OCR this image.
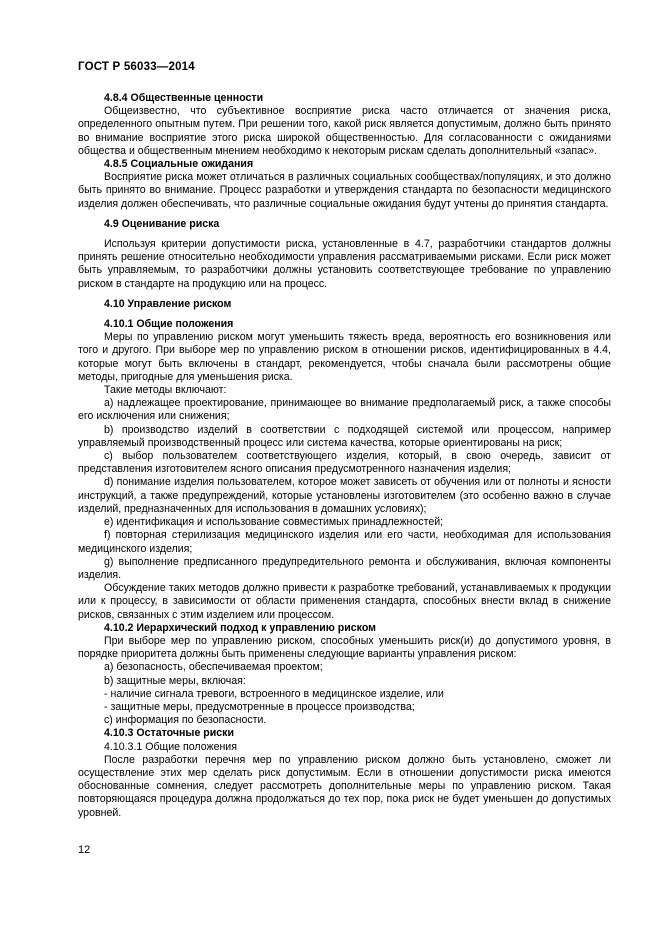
ГОСТ Р 56033—2014

4.8.4 Общественные ценности

Общеизвестно, что субъективное восприятие риска часто отличается от значения риска, определенного опытным путем. При решении того, какой риск является допустимым, должно быть принято во внимание восприятие этого риска широкой общественностью. Для согласованности с ожиданиями общества и общественным мнением необходимо к некоторым рискам сделать дополнительный «запас».

4.8.5 Социальные ожидания

Восприятие риска может отличаться в различных социальных сообществах/популяциях, и это должно быть принято во внимание. Процесс разработки и утверждения стандарта по безопасности медицинского изделия должен обеспечивать, что различные социальные ожидания будут учтены до принятия стандарта.

4.9 Оценивание риска

Используя критерии допустимости риска, установленные в 4.7, разработчики стандартов должны принять решение относительно необходимости управления рассматриваемыми рисками. Если риск может быть управляемым, то разработчики должны установить соответствующее требование по управлению риском в стандарте на продукцию или на процесс.

4.10 Управление риском

4.10.1 Общие положения

Меры по управлению риском могут уменьшить тяжесть вреда, вероятность его возникновения или того и другого. При выборе мер по управлению риском в отношении рисков, идентифицированных в 4.4, которые могут быть включены в стандарт, рекомендуется, чтобы сначала были рассмотрены общие методы, пригодные для уменьшения риска.

Такие методы включают:

a) надлежащее проектирование, принимающее во внимание предполагаемый риск, а также способы его исключения или снижения;

b) производство изделий в соответствии с подходящей системой или процессом, например управляемый производственный процесс или система качества, которые ориентированы на риск;

c) выбор пользователем соответствующего изделия, который, в свою очередь, зависит от представления изготовителем ясного описания предусмотренного назначения изделия;

d) понимание изделия пользователем, которое может зависеть от обучения или от полноты и ясности инструкций, а также предупреждений, которые установлены изготовителем (это особенно важно в случае изделий, предназначенных для использования в домашних условиях);

e) идентификация и использование совместимых принадлежностей;

f) повторная стерилизация медицинского изделия или его части, необходимая для использования медицинского изделия;

g) выполнение предписанного предупредительного ремонта и обслуживания, включая компоненты изделия.

Обсуждение таких методов должно привести к разработке требований, устанавливаемых к продукции или к процессу, в зависимости от области применения стандарта, способных внести вклад в снижение рисков, связанных с этим изделием или процессом.

4.10.2 Иерархический подход к управлению риском

При выборе мер по управлению риском, способных уменьшить риск(и) до допустимого уровня, в порядке приоритета должны быть применены следующие варианты управления риском:

a) безопасность, обеспечиваемая проектом;

b) защитные меры, включая:

- наличие сигнала тревоги, встроенного в медицинское изделие, или

- защитные меры, предусмотренные в процессе производства;

c) информация по безопасности.

4.10.3 Остаточные риски

4.10.3.1 Общие положения

После разработки перечня мер по управлению риском должно быть установлено, сможет ли осуществление этих мер сделать риск допустимым. Если в отношении допустимости риска имеются обоснованные сомнения, следует рассмотреть дополнительные меры по управлению риском. Такая повторяющаяся процедура должна продолжаться до тех пор, пока риск не будет уменьшен до допустимых уровней.

12
